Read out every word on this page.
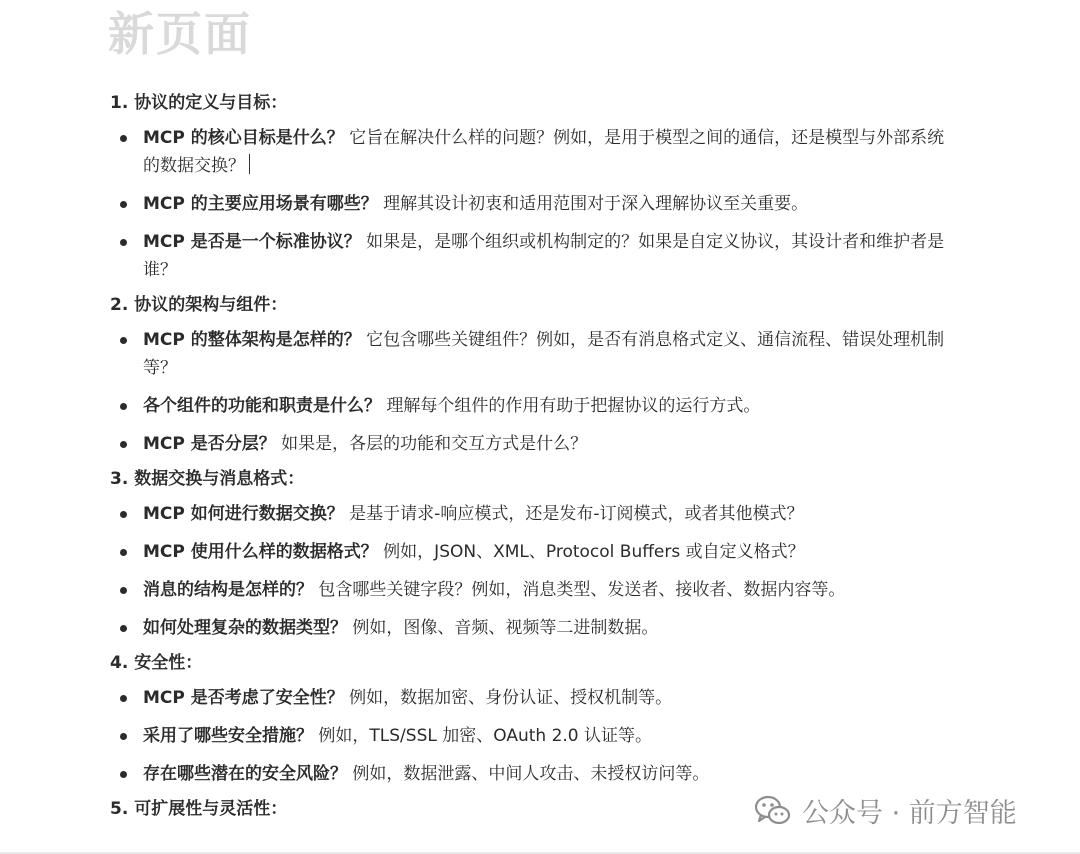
新页面
1. 协议的定义与目标：
MCP 的核心目标是什么？ 它旨在解决什么样的问题？例如，是用于模型之间的通信，还是模型与外部系统的数据交换？
MCP 的主要应用场景有哪些？ 理解其设计初衷和适用范围对于深入理解协议至关重要。
MCP 是否是一个标准协议？ 如果是，是哪个组织或机构制定的？如果是自定义协议，其设计者和维护者是谁？
2. 协议的架构与组件：
MCP 的整体架构是怎样的？ 它包含哪些关键组件？例如，是否有消息格式定义、通信流程、错误处理机制等？
各个组件的功能和职责是什么？ 理解每个组件的作用有助于把握协议的运行方式。
MCP 是否分层？ 如果是，各层的功能和交互方式是什么？
3. 数据交换与消息格式：
MCP 如何进行数据交换？ 是基于请求-响应模式，还是发布-订阅模式，或者其他模式？
MCP 使用什么样的数据格式？ 例如，JSON、XML、Protocol Buffers 或自定义格式？
消息的结构是怎样的？ 包含哪些关键字段？例如，消息类型、发送者、接收者、数据内容等。
如何处理复杂的数据类型？ 例如，图像、音频、视频等二进制数据。
4. 安全性：
MCP 是否考虑了安全性？ 例如，数据加密、身份认证、授权机制等。
采用了哪些安全措施？ 例如，TLS/SSL 加密、OAuth 2.0 认证等。
存在哪些潜在的安全风险？ 例如，数据泄露、中间人攻击、未授权访问等。
5. 可扩展性与灵活性：	公众号 · 前方智能
